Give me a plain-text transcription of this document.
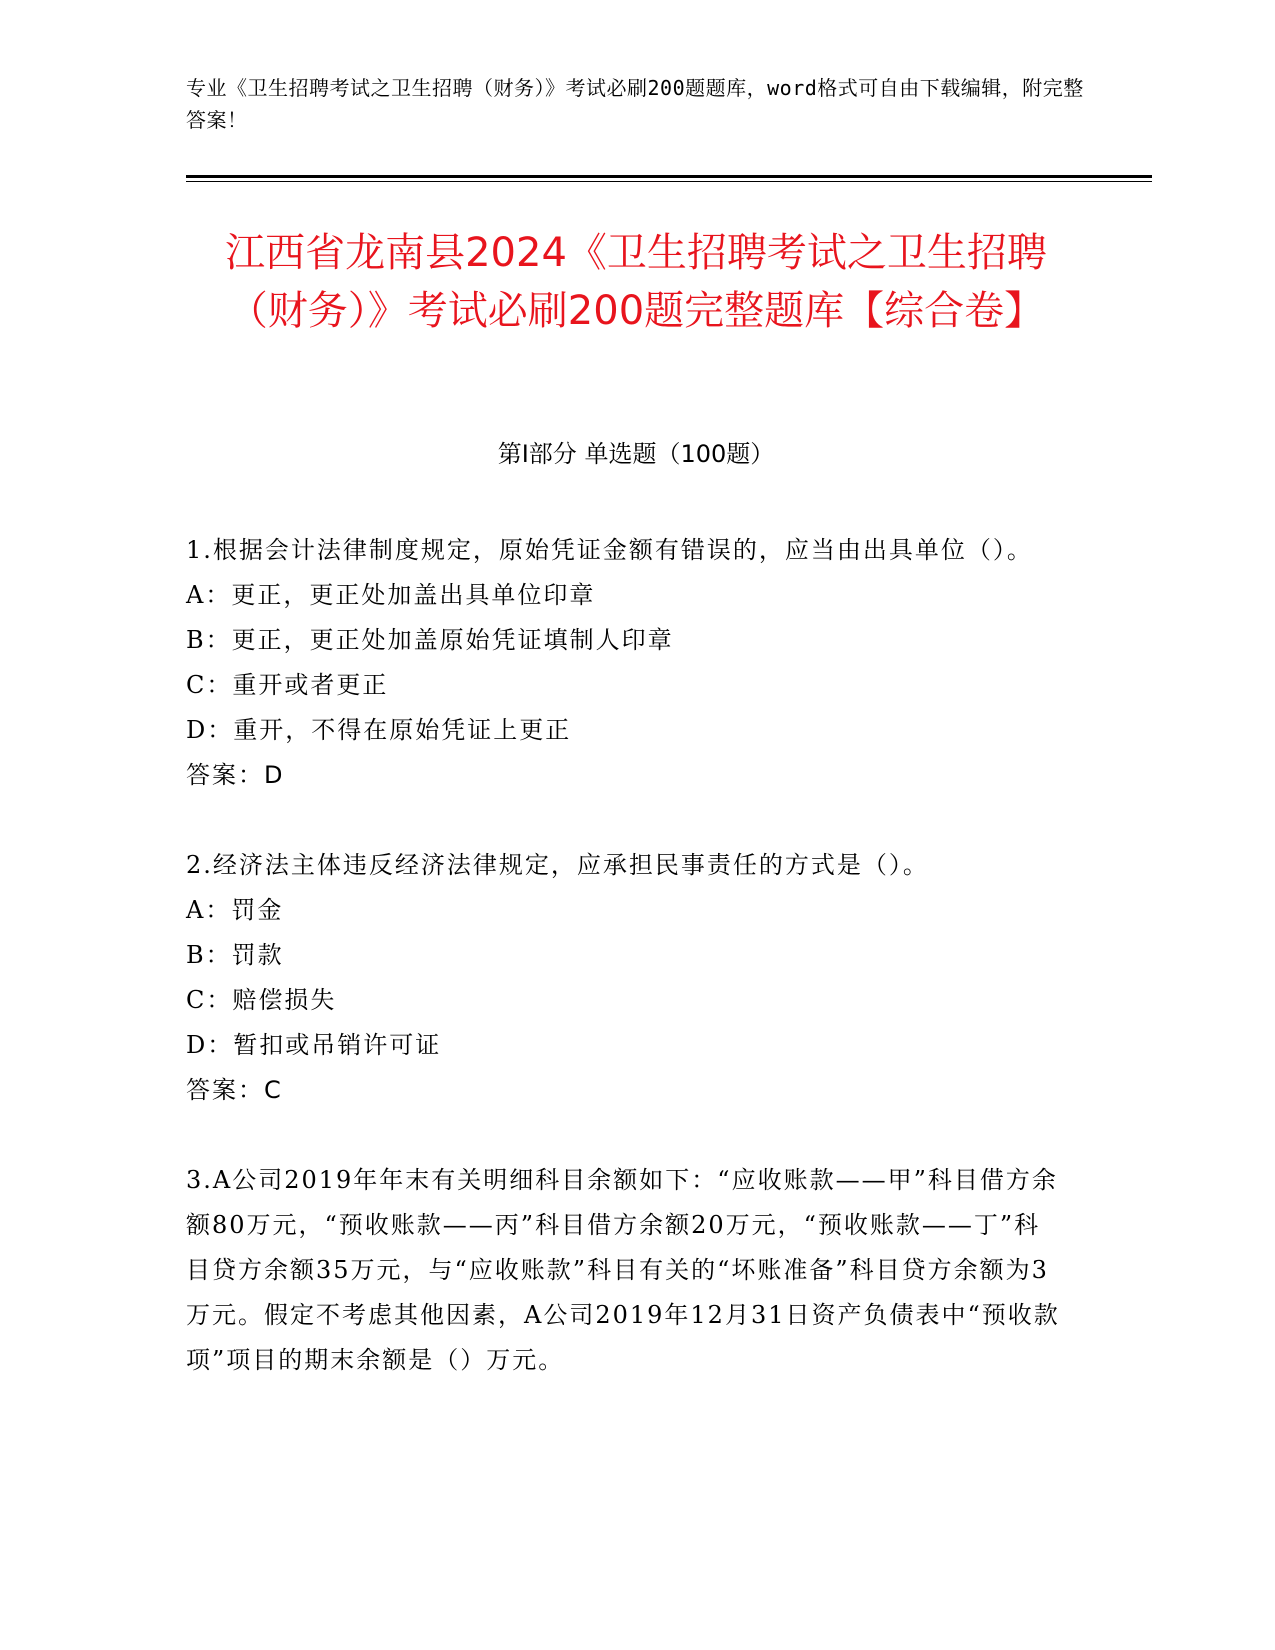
专业《卫生招聘考试之卫生招聘（财务）》考试必刷200题题库，word格式可自由下载编辑，附完整答案！
江西省龙南县2024《卫生招聘考试之卫生招聘（财务）》考试必刷200题完整题库【综合卷】
第I部分 单选题（100题）

1.根据会计法律制度规定，原始凭证金额有错误的，应当由出具单位（）。

A：更正，更正处加盖出具单位印章

B：更正，更正处加盖原始凭证填制人印章

C：重开或者更正

D：重开，不得在原始凭证上更正

答案：D

2.经济法主体违反经济法律规定，应承担民事责任的方式是（）。

A：罚金

B：罚款

C：赔偿损失

D：暂扣或吊销许可证

答案：C

3.A公司2019年年末有关明细科目余额如下：“应收账款——甲”科目借方余额80万元，“预收账款——丙”科目借方余额20万元，“预收账款——丁”科目贷方余额35万元，与“应收账款”科目有关的“坏账准备”科目贷方余额为3万元。假定不考虑其他因素，A公司2019年12月31日资产负债表中“预收款项”项目的期末余额是（）万元。
